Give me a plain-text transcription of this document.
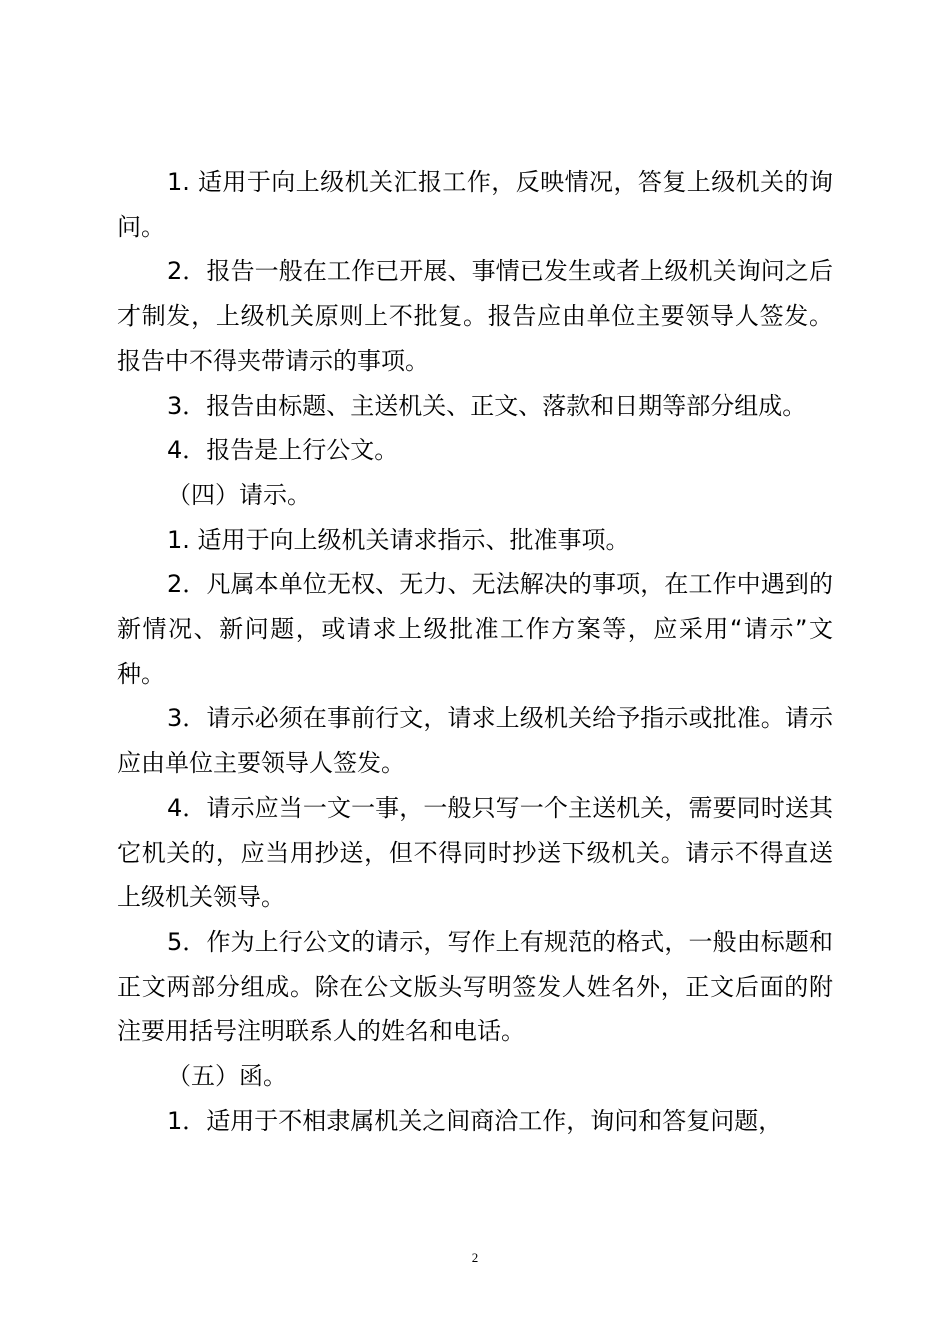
1. 适用于向上级机关汇报工作，反映情况，答复上级机关的询问。

2．报告一般在工作已开展、事情已发生或者上级机关询问之后才制发，上级机关原则上不批复。报告应由单位主要领导人签发。报告中不得夹带请示的事项。

3．报告由标题、主送机关、正文、落款和日期等部分组成。

4．报告是上行公文。

（四）请示。

1. 适用于向上级机关请求指示、批准事项。

2．凡属本单位无权、无力、无法解决的事项，在工作中遇到的新情况、新问题，或请求上级批准工作方案等，应采用“请示”文种。

3．请示必须在事前行文，请求上级机关给予指示或批准。请示应由单位主要领导人签发。

4．请示应当一文一事，一般只写一个主送机关，需要同时送其它机关的，应当用抄送，但不得同时抄送下级机关。请示不得直送上级机关领导。

5．作为上行公文的请示，写作上有规范的格式，一般由标题和正文两部分组成。除在公文版头写明签发人姓名外，正文后面的附注要用括号注明联系人的姓名和电话。

（五）函。

1．适用于不相隶属机关之间商洽工作，询问和答复问题，

2
